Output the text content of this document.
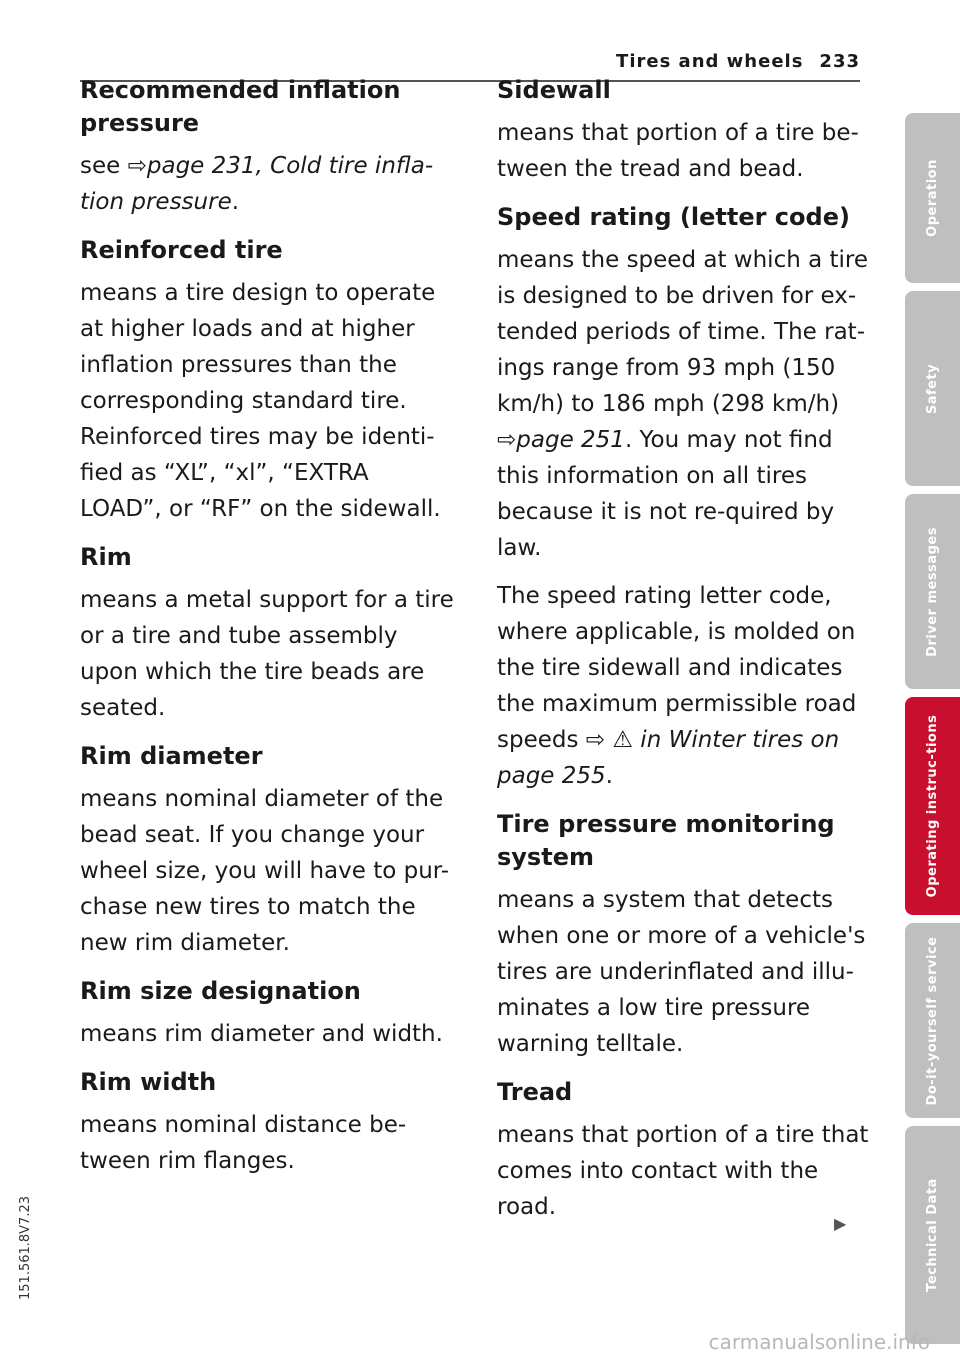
Tires and wheels 233
Recommended inflation pressure

see ⇨page 231, Cold tire infla-tion pressure.

Reinforced tire

means a tire design to operate at higher loads and at higher inflation pressures than the corresponding standard tire. Reinforced tires may be identi-fied as “XL”, “xl”, “EXTRA LOAD”, or “RF” on the sidewall.

Rim

means a metal support for a tire or a tire and tube assembly upon which the tire beads are seated.

Rim diameter

means nominal diameter of the bead seat. If you change your wheel size, you will have to pur-chase new tires to match the new rim diameter.

Rim size designation

means rim diameter and width.

Rim width

means nominal distance be-tween rim flanges.

Sidewall

means that portion of a tire be-tween the tread and bead.

Speed rating (letter code)

means the speed at which a tire is designed to be driven for ex-tended periods of time. The rat-ings range from 93 mph (150 km/h) to 186 mph (298 km/h) ⇨page 251. You may not find this information on all tires because it is not re-quired by law.

The speed rating letter code, where applicable, is molded on the tire sidewall and indicates the maximum permissible road speeds ⇨ ⚠ in Winter tires on page 255.

Tire pressure monitoring system

means a system that detects when one or more of a vehicle's tires are underinflated and illu-minates a low tire pressure warning telltale.

Tread

means that portion of a tire that comes into contact with the road.

▶
Operation
Safety
Driver messages
Operating instruc-tions
Do-it-yourself service
Technical Data
151.561.8V7.23
carmanualsonline.info
